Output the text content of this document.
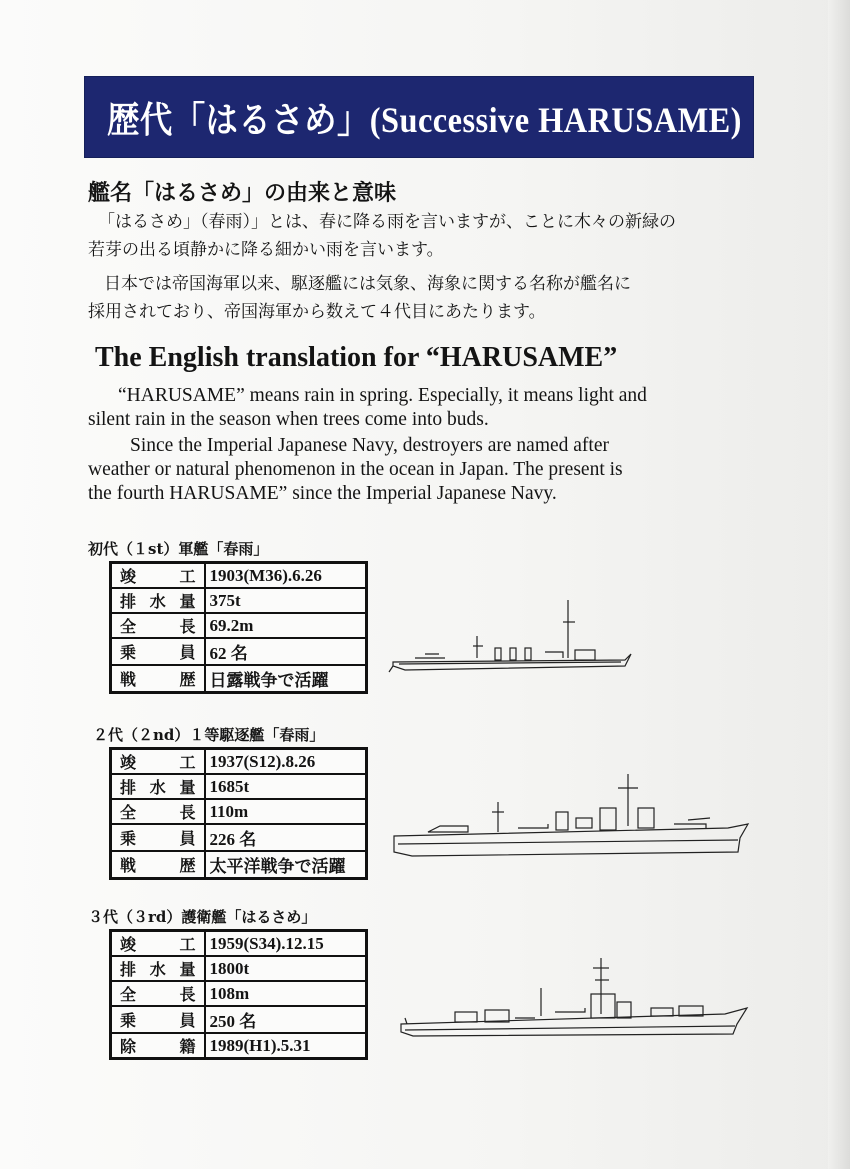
歴代「はるさめ」(Successive HARUSAME)
艦名「はるさめ」の由来と意味
「はるさめ」（春雨）」とは、春に降る雨を言いますが、ことに木々の新緑の
若芽の出る頃静かに降る細かい雨を言います。
日本では帝国海軍以来、駆逐艦には気象、海象に関する名称が艦名に
採用されており、帝国海軍から数えて４代目にあたります。
The English translation for “HARUSAME”
“HARUSAME” means rain in spring. Especially, it means light and
silent rain in the season when trees come into buds.
Since the Imperial Japanese Navy, destroyers are named after
weather or natural phenomenon in the ocean in Japan. The present is
the fourth HARUSAME” since the Imperial Japanese Navy.
初代（１st）軍艦「春雨」
竣工	1903(M36).6.26
排水量	375t
全長	69.2m
乗員	62 名
戦歴	日露戦争で活躍
２代（２nd）１等駆逐艦「春雨」
竣工	1937(S12).8.26
排水量	1685t
全長	110m
乗員	226 名
戦歴	太平洋戦争で活躍
３代（３rd）護衛艦「はるさめ」
竣工	1959(S34).12.15
排水量	1800t
全長	108m
乗員	250 名
除籍	1989(H1).5.31
